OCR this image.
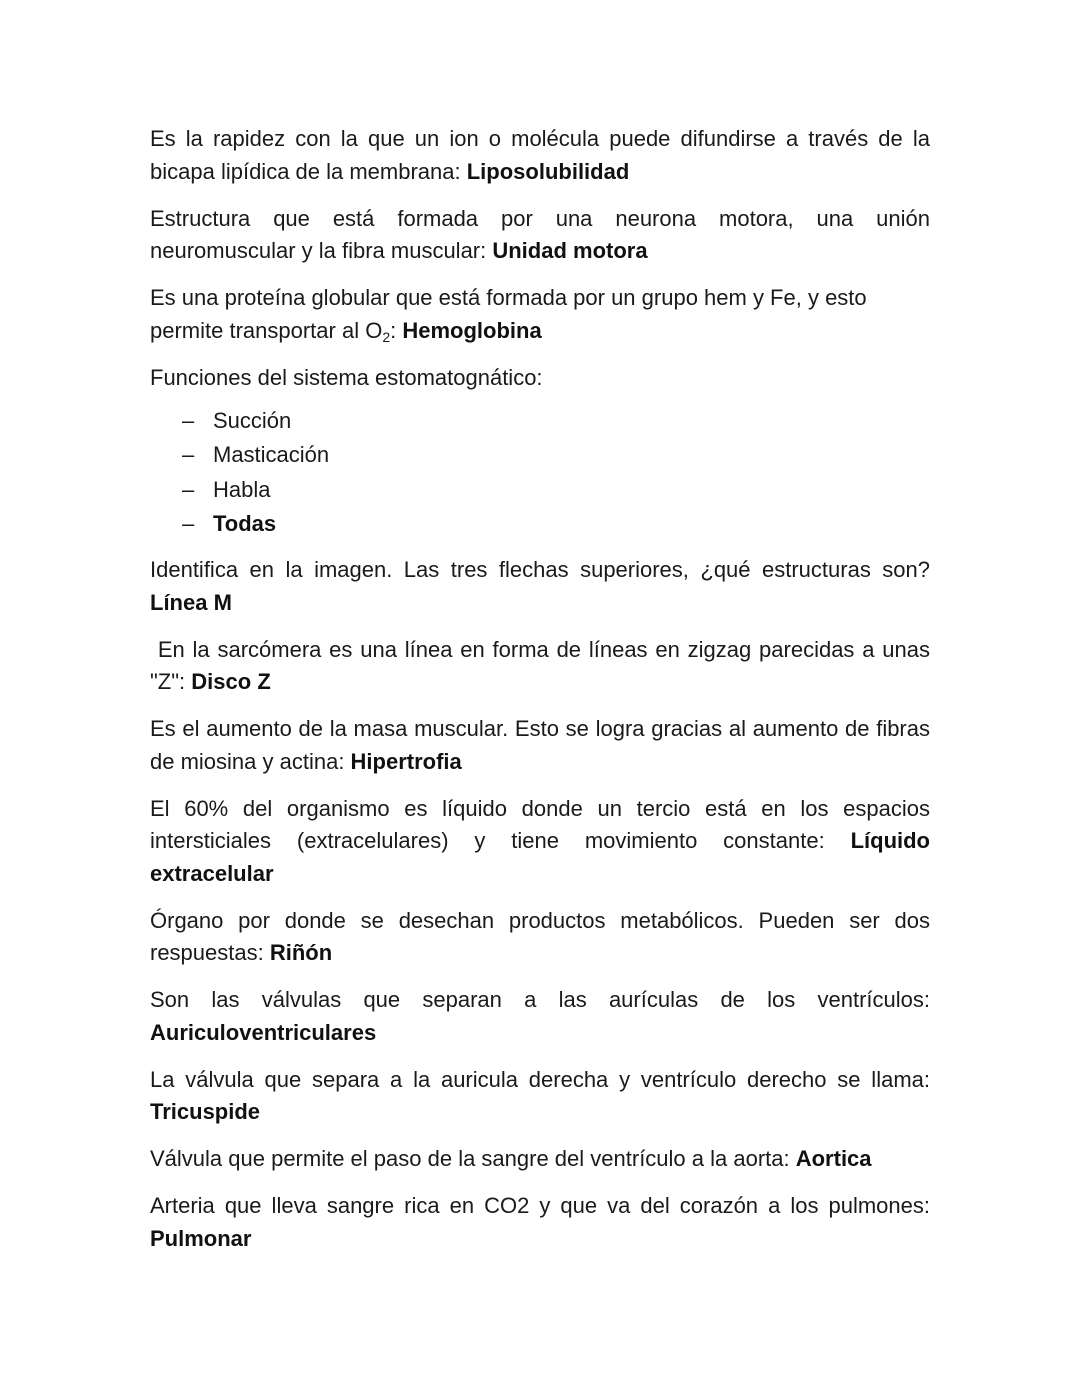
Es la rapidez con la que un ion o molécula puede difundirse a través de la bicapa lipídica de la membrana: Liposolubilidad

Estructura que está formada por una neurona motora, una unión neuromuscular y la fibra muscular: Unidad motora

Es una proteína globular que está formada por un grupo hem y Fe, y esto permite transportar al $O_2$: Hemoglobina

Funciones del sistema estomatognático:

– Succión
– Masticación
– Habla
– Todas

Identifica en la imagen. Las tres flechas superiores, ¿qué estructuras son? Línea M

En la sarcómera es una línea en forma de líneas en zigzag parecidas a unas "Z": Disco Z

Es el aumento de la masa muscular. Esto se logra gracias al aumento de fibras de miosina y actina: Hipertrofia

El 60% del organismo es líquido donde un tercio está en los espacios intersticiales (extracelulares) y tiene movimiento constante: Líquido extracelular

Órgano por donde se desechan productos metabólicos. Pueden ser dos respuestas: Riñón

Son las válvulas que separan a las aurículas de los ventrículos: Auriculoventriculares

La válvula que separa a la auricula derecha y ventrículo derecho se llama: Tricuspide

Válvula que permite el paso de la sangre del ventrículo a la aorta: Aortica

Arteria que lleva sangre rica en CO2 y que va del corazón a los pulmones: Pulmonar
